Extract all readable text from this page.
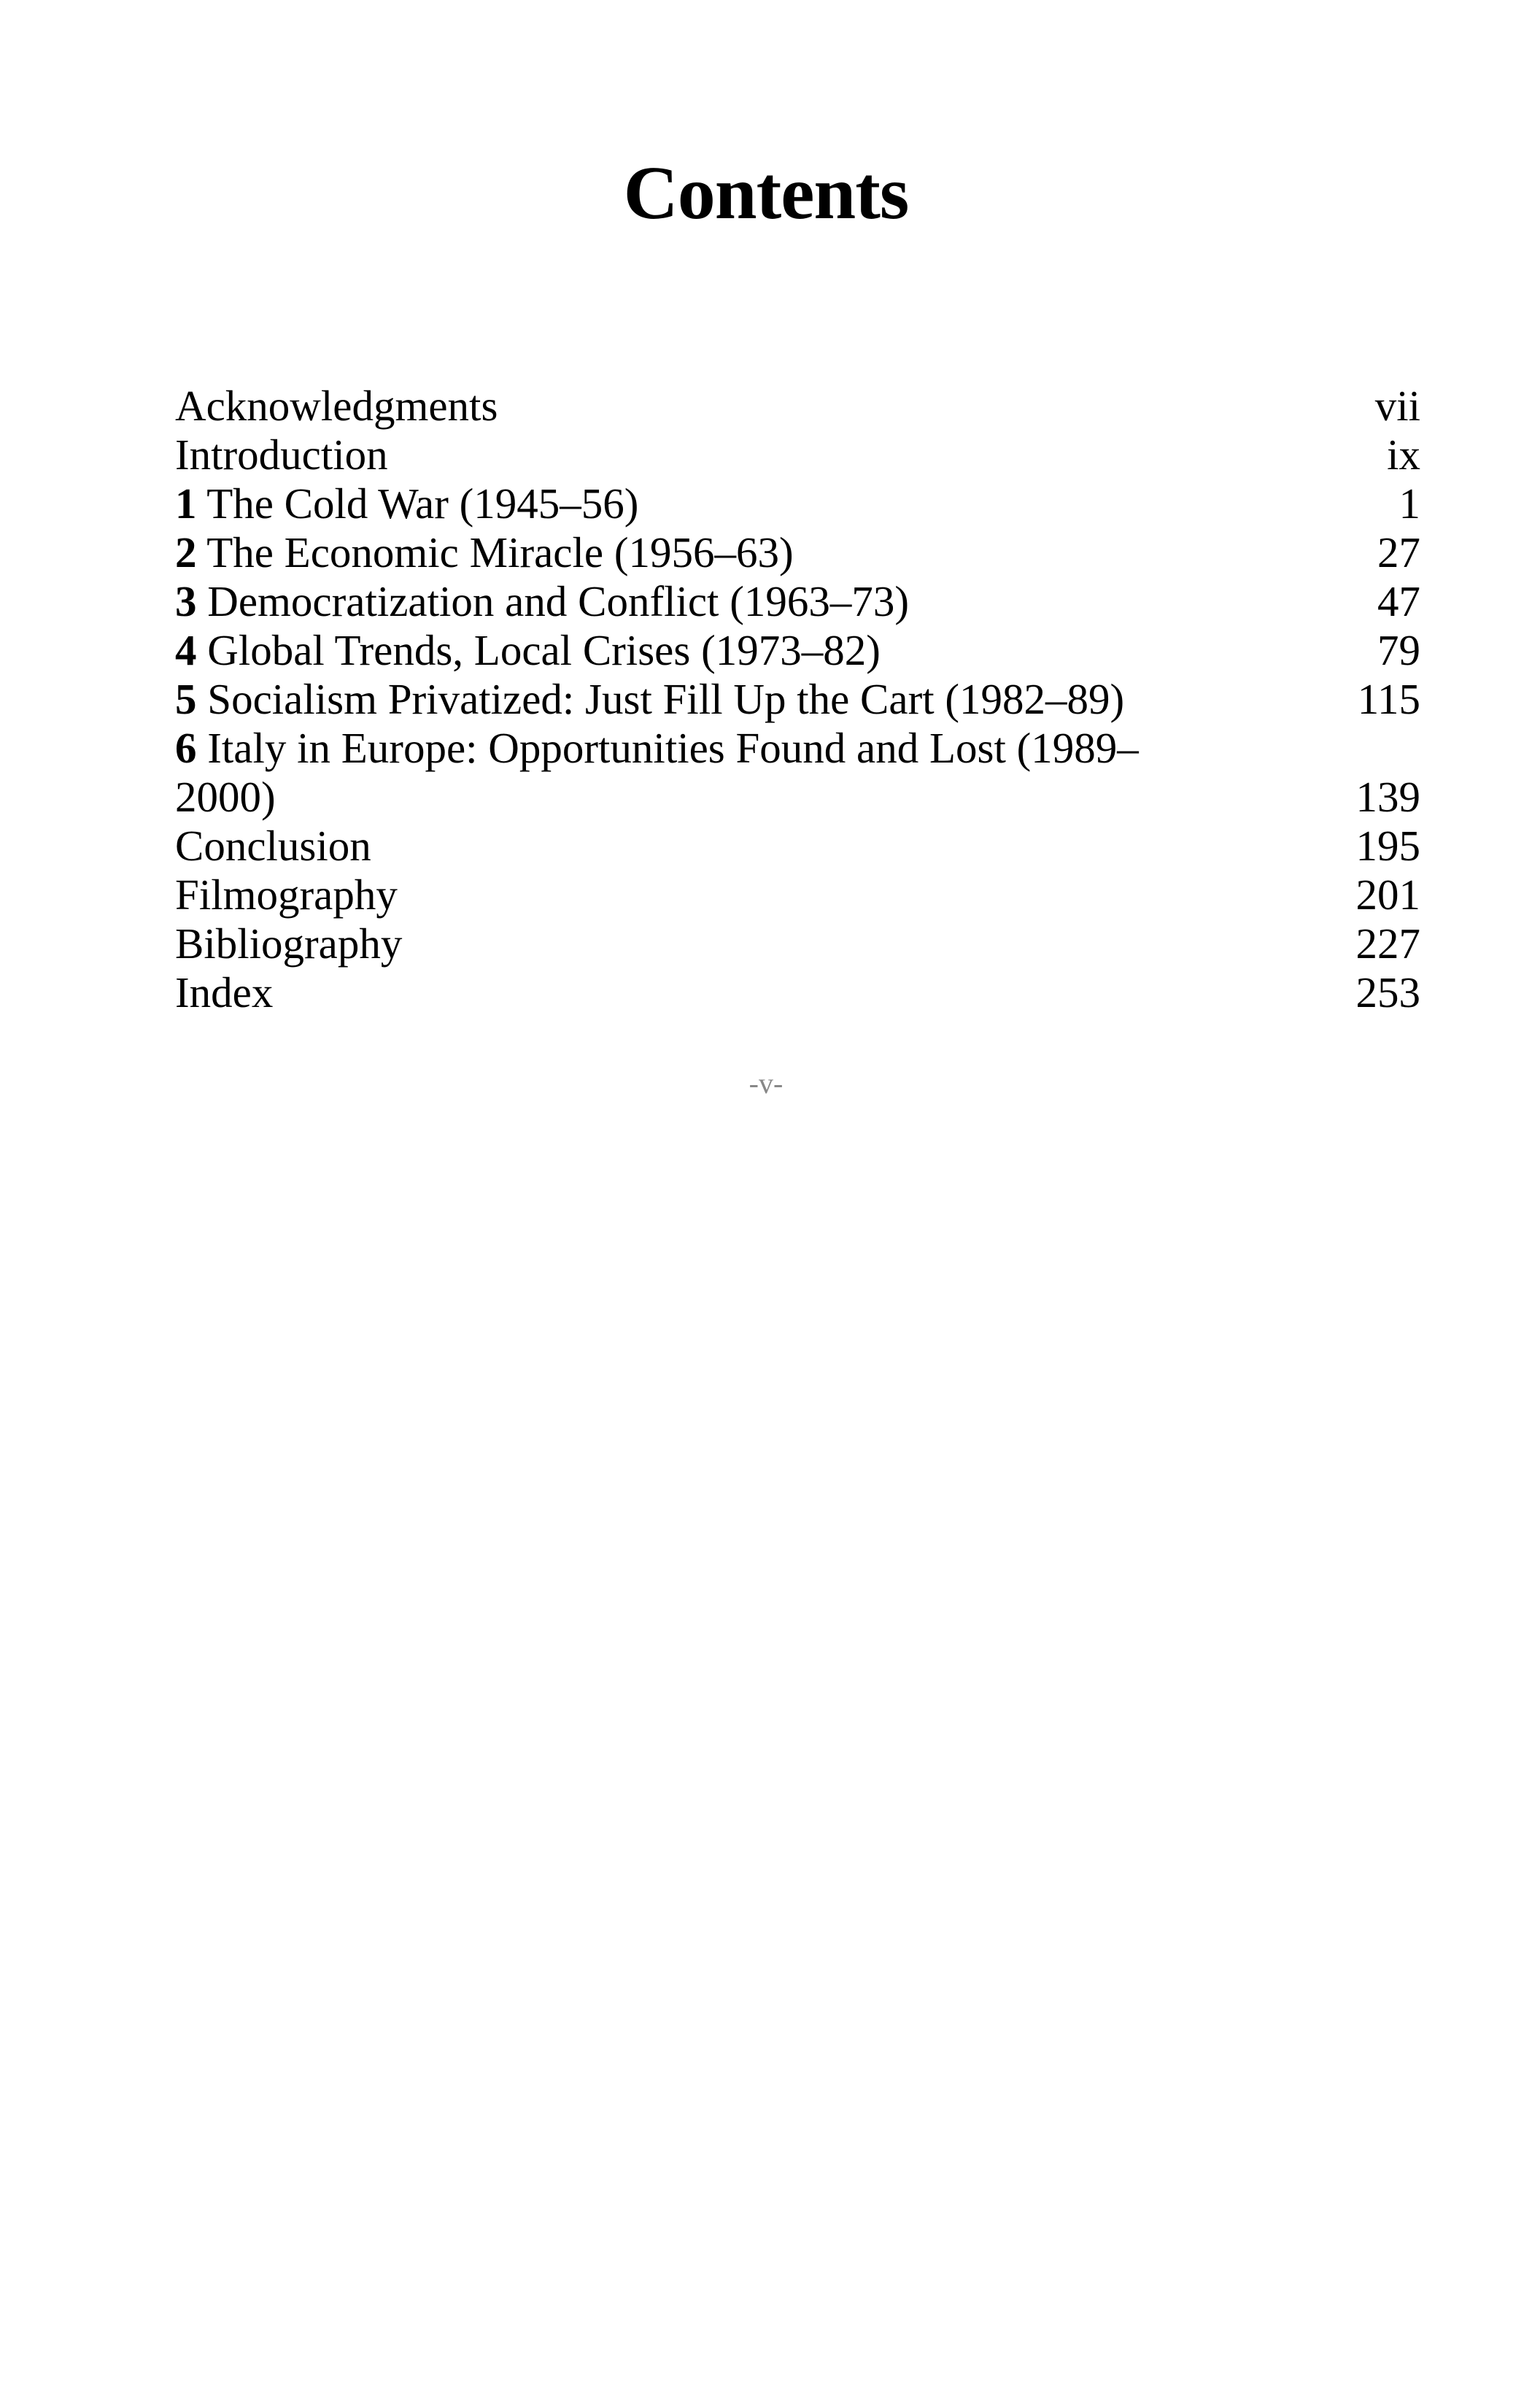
Contents
Acknowledgments	vii
Introduction	ix
1 The Cold War (1945–56)	1
2 The Economic Miracle (1956–63)	27
3 Democratization and Conflict (1963–73)	47
4 Global Trends, Local Crises (1973–82)	79
5 Socialism Privatized: Just Fill Up the Cart (1982–89)	115
6 Italy in Europe: Opportunities Found and Lost (1989–2000)	139
Conclusion	195
Filmography	201
Bibliography	227
Index	253
-v-
